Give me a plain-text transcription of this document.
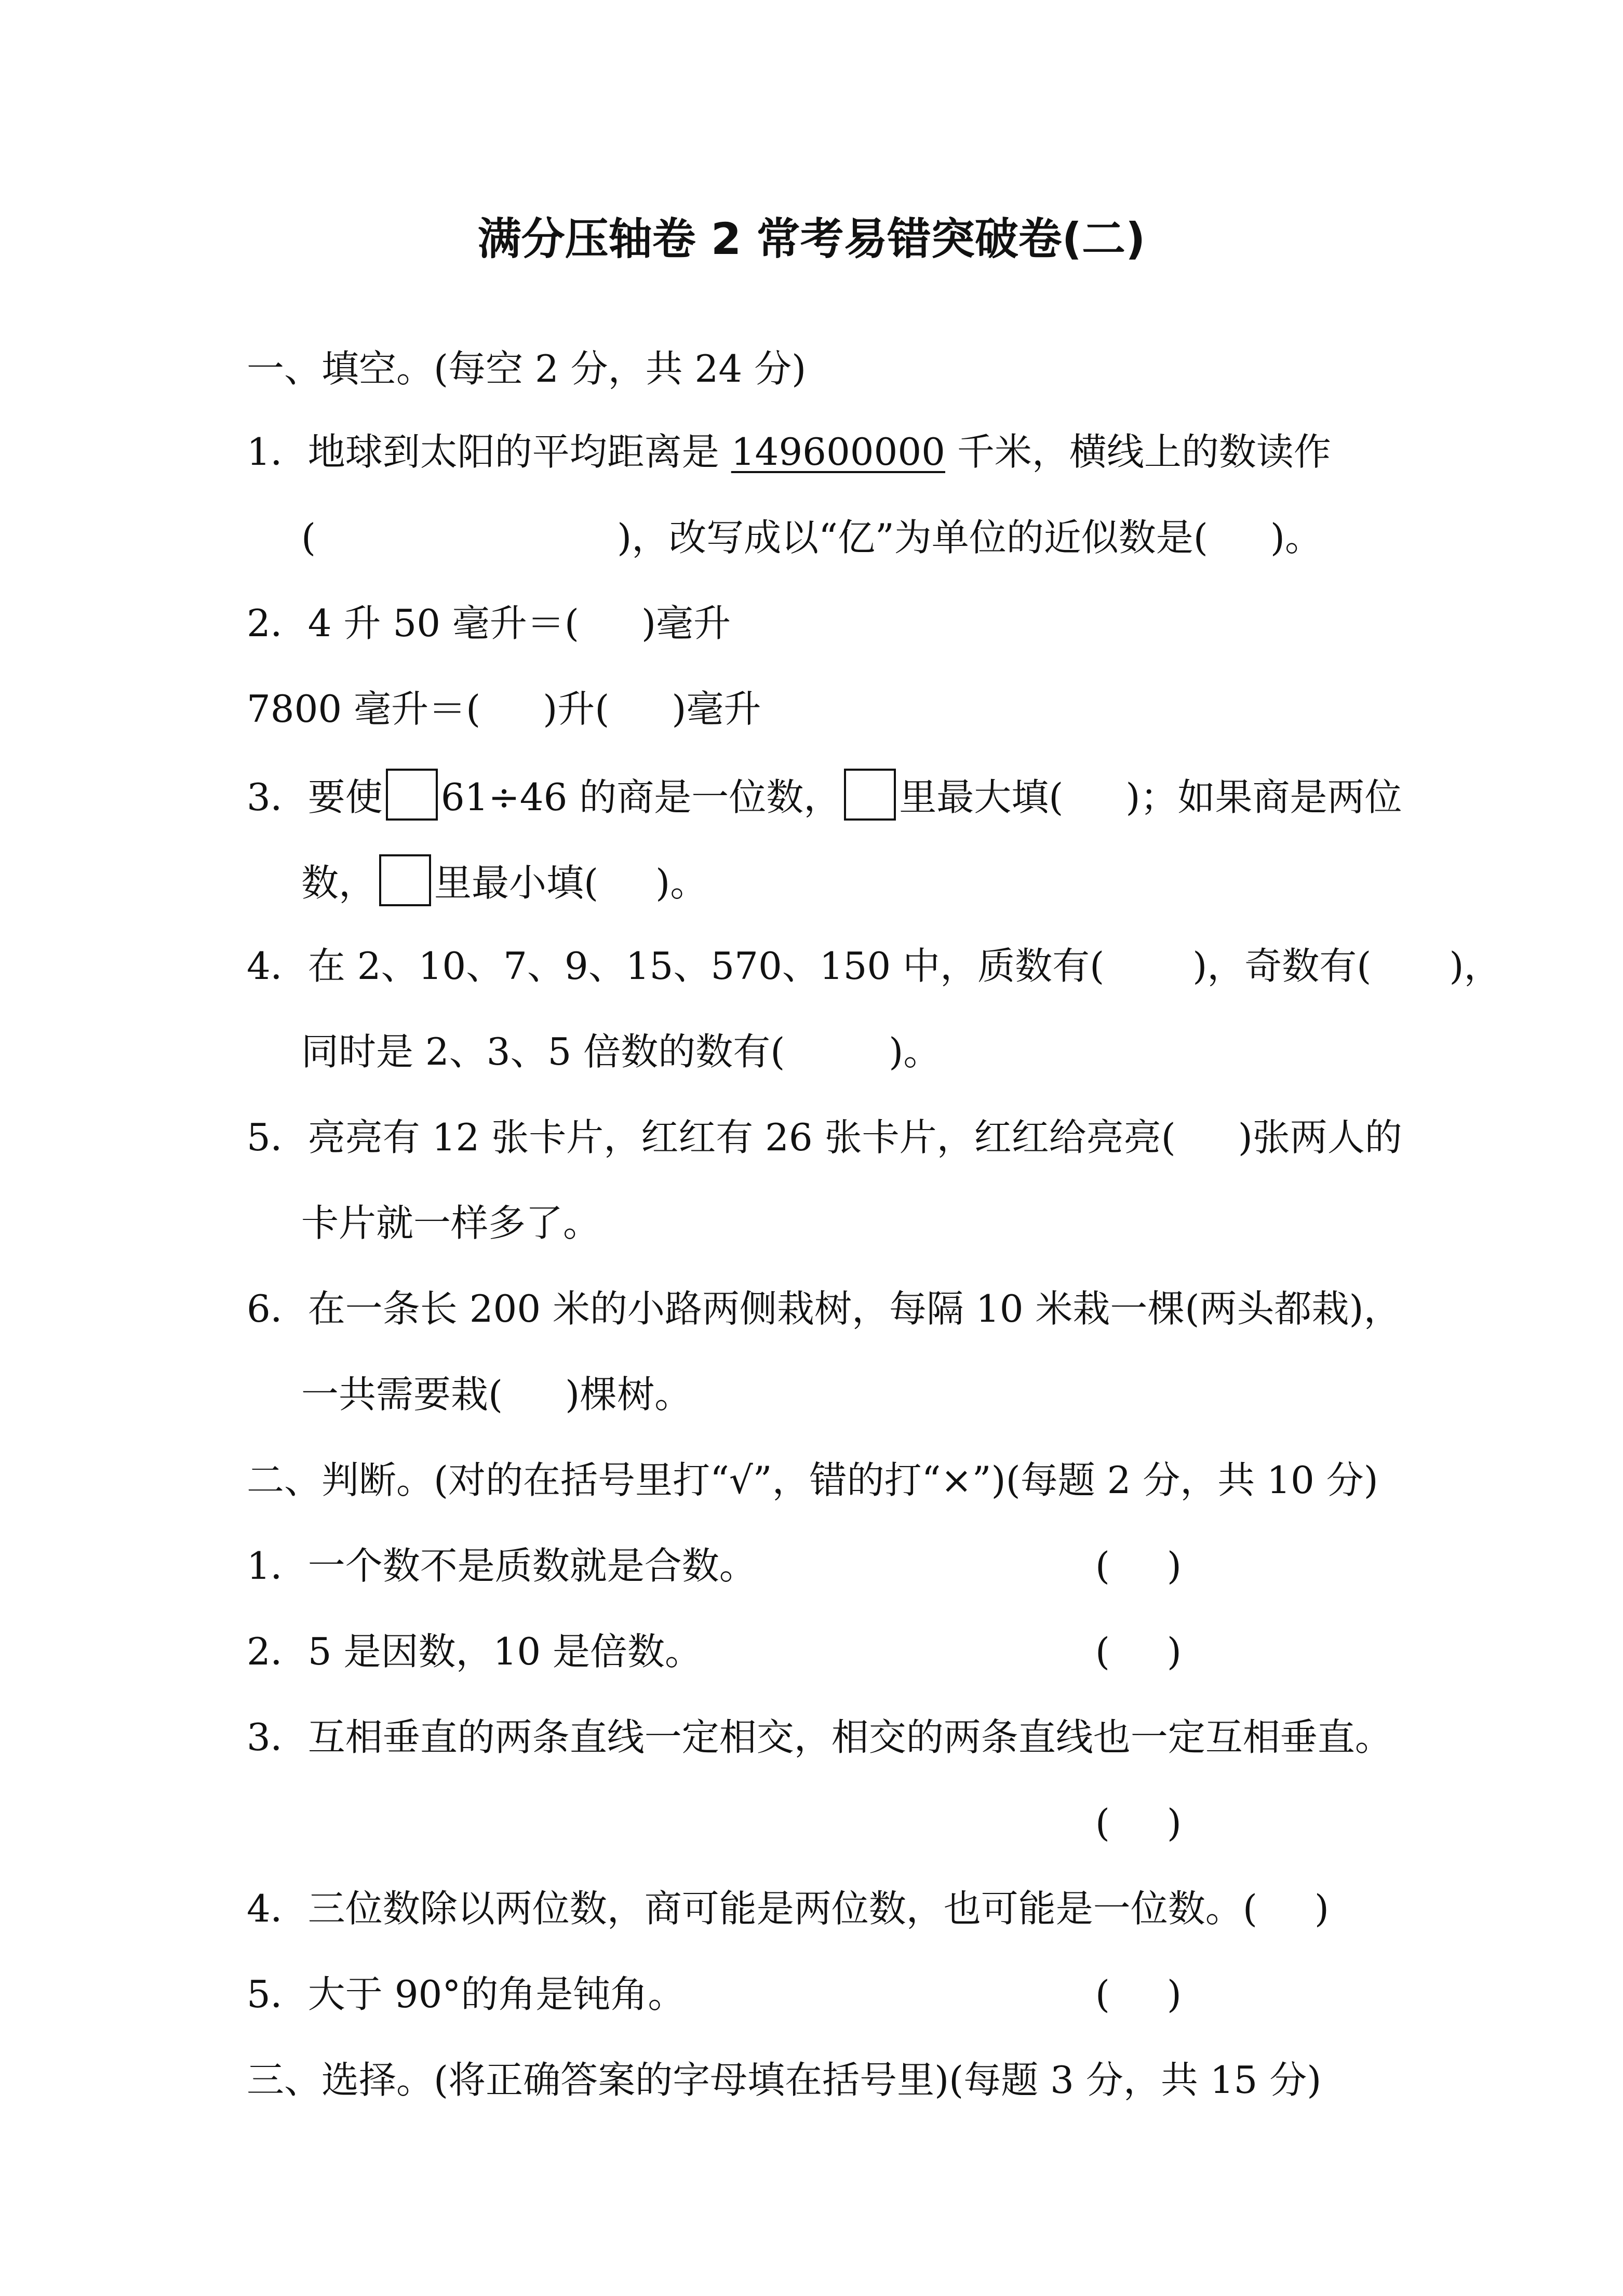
满分压轴卷 2 常考易错突破卷(二)
一、填空。(每空 2 分，共 24 分)
1．地球到太阳的平均距离是 149600000 千米，横线上的数读作
(	)，改写成以“亿”为单位的近似数是( )。
2．4 升 50 毫升＝( )毫升
7800 毫升＝( )升( )毫升
3．要使 61÷46 的商是一位数， 里最大填( )；如果商是两位
数， 里最小填( )。
4．在 2、10、7、9、15、570、150 中，质数有( )，奇数有( )，
同时是 2、3、5 倍数的数有(	)。
5．亮亮有 12 张卡片，红红有 26 张卡片，红红给亮亮( )张两人的
卡片就一样多了。
6．在一条长 200 米的小路两侧栽树，每隔 10 米栽一棵(两头都栽)，
一共需要栽( )棵树。
二、判断。(对的在括号里打“√”，错的打“×”)(每题 2 分，共 10 分)
1．一个数不是质数就是合数。	( )
2．5 是因数，10 是倍数。	( )
3．互相垂直的两条直线一定相交，相交的两条直线也一定互相垂直。
( )
4．三位数除以两位数，商可能是两位数，也可能是一位数。( )
5．大于 90°的角是钝角。	( )
三、选择。(将正确答案的字母填在括号里)(每题 3 分，共 15 分)
